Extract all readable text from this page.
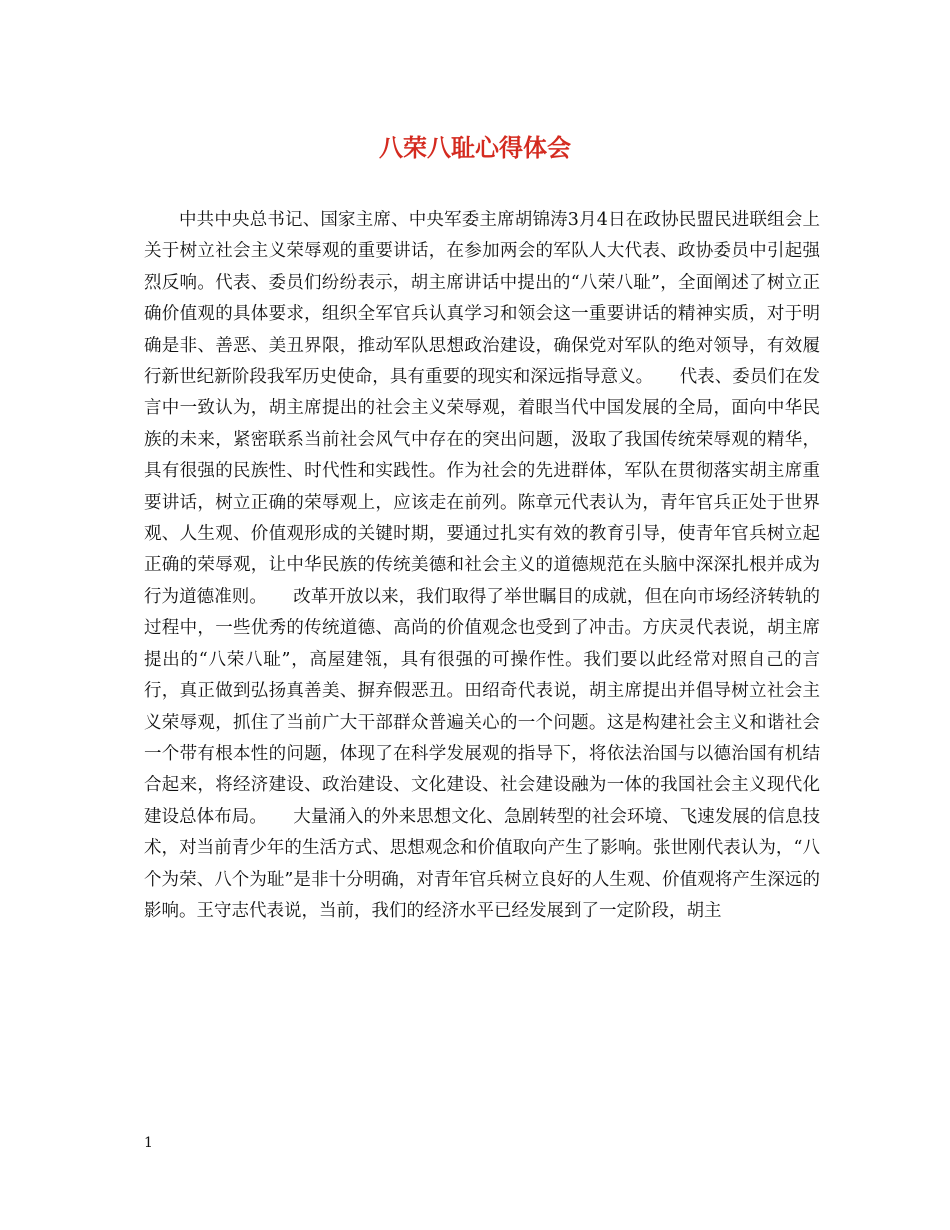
八荣八耻心得体会

中共中央总书记、国家主席、中央军委主席胡锦涛3月4日在政协民盟民进联组会上关于树立社会主义荣辱观的重要讲话，在参加两会的军队人大代表、政协委员中引起强烈反响。代表、委员们纷纷表示，胡主席讲话中提出的“八荣八耻”，全面阐述了树立正确价值观的具体要求，组织全军官兵认真学习和领会这一重要讲话的精神实质，对于明确是非、善恶、美丑界限，推动军队思想政治建设，确保党对军队的绝对领导，有效履行新世纪新阶段我军历史使命，具有重要的现实和深远指导意义。　　代表、委员们在发言中一致认为，胡主席提出的社会主义荣辱观，着眼当代中国发展的全局，面向中华民族的未来，紧密联系当前社会风气中存在的突出问题，汲取了我国传统荣辱观的精华，具有很强的民族性、时代性和实践性。作为社会的先进群体，军队在贯彻落实胡主席重要讲话，树立正确的荣辱观上，应该走在前列。陈章元代表认为，青年官兵正处于世界观、人生观、价值观形成的关键时期，要通过扎实有效的教育引导，使青年官兵树立起正确的荣辱观，让中华民族的传统美德和社会主义的道德规范在头脑中深深扎根并成为行为道德准则。　　改革开放以来，我们取得了举世瞩目的成就，但在向市场经济转轨的过程中，一些优秀的传统道德、高尚的价值观念也受到了冲击。方庆灵代表说，胡主席提出的“八荣八耻”，高屋建瓴，具有很强的可操作性。我们要以此经常对照自己的言行，真正做到弘扬真善美、摒弃假恶丑。田绍奇代表说，胡主席提出并倡导树立社会主义荣辱观，抓住了当前广大干部群众普遍关心的一个问题。这是构建社会主义和谐社会一个带有根本性的问题，体现了在科学发展观的指导下，将依法治国与以德治国有机结合起来，将经济建设、政治建设、文化建设、社会建设融为一体的我国社会主义现代化建设总体布局。　　大量涌入的外来思想文化、急剧转型的社会环境、飞速发展的信息技术，对当前青少年的生活方式、思想观念和价值取向产生了影响。张世刚代表认为，“八个为荣、八个为耻”是非十分明确，对青年官兵树立良好的人生观、价值观将产生深远的影响。王守志代表说，当前，我们的经济水平已经发展到了一定阶段，胡主

1
